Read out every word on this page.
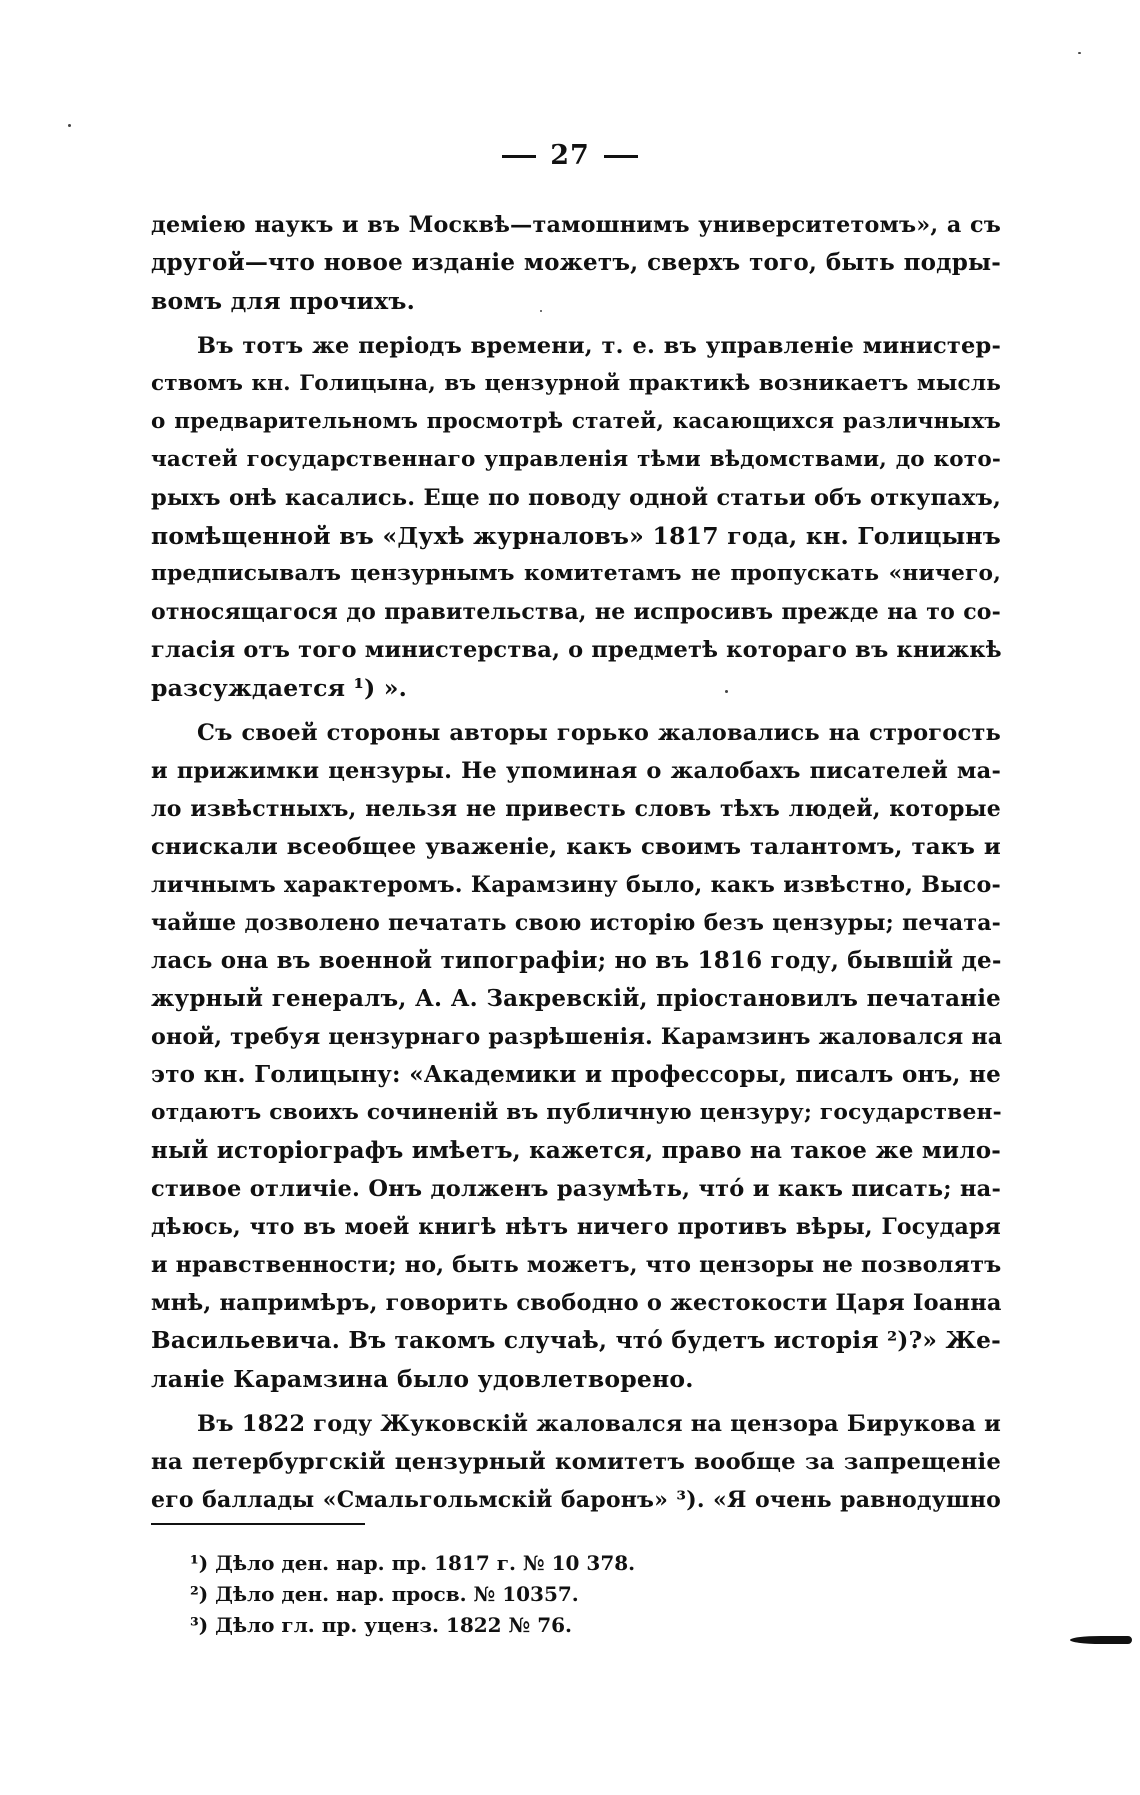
27
деміею наукъ и въ Москвѣ—тамошнимъ университетомъ», а съ
другой—что новое изданіе можетъ, сверхъ того, быть подры-
вомъ для прочихъ.
Въ тотъ же періодъ времени, т. е. въ управленіе министер-
ствомъ кн. Голицына, въ цензурной практикѣ возникаетъ мысль
о предварительномъ просмотрѣ статей, касающихся различныхъ
частей государственнаго управленія тѣми вѣдомствами, до кото-
рыхъ онѣ касались. Еще по поводу одной статьи объ откупахъ,
помѣщенной въ «Духѣ журналовъ» 1817 года, кн. Голицынъ
предписывалъ цензурнымъ комитетамъ не пропускать «ничего,
относящагося до правительства, не испросивъ прежде на то со-
гласія отъ того министерства, о предметѣ котораго въ книжкѣ
разсуждается ¹) ».
Съ своей стороны авторы горько жаловались на строгость
и прижимки цензуры. Не упоминая о жалобахъ писателей ма-
ло извѣстныхъ, нельзя не привесть словъ тѣхъ людей, которые
снискали всеобщее уваженіе, какъ своимъ талантомъ, такъ и
личнымъ характеромъ. Карамзину было, какъ извѣстно, Высо-
чайше дозволено печатать свою исторію безъ цензуры; печата-
лась она въ военной типографіи; но въ 1816 году, бывшій де-
журный генералъ, А. А. Закревскій, пріостановилъ печатаніе
оной, требуя цензурнаго разрѣшенія. Карамзинъ жаловался на
это кн. Голицыну: «Академики и профессоры, писалъ онъ, не
отдаютъ своихъ сочиненій въ публичную цензуру; государствен-
ный исторіографъ имѣетъ, кажется, право на такое же мило-
стивое отличіе. Онъ долженъ разумѣть, что́ и какъ писать; на-
дѣюсь, что въ моей книгѣ нѣтъ ничего противъ вѣры, Государя
и нравственности; но, быть можетъ, что цензоры не позволятъ
мнѣ, напримѣръ, говорить свободно о жестокости Царя Іоанна
Васильевича. Въ такомъ случаѣ, что́ будетъ исторія ²)?» Же-
ланіе Карамзина было удовлетворено.
Въ 1822 году Жуковскій жаловался на цензора Бирукова и
на петербургскій цензурный комитетъ вообще за запрещеніе
его баллады «Смальгольмскій баронъ» ³). «Я очень равнодушно
¹) Дѣло ден. нар. пр. 1817 г. № 10 378.
²) Дѣло ден. нар. просв. № 10357.
³) Дѣло гл. пр. уценз. 1822 № 76.
